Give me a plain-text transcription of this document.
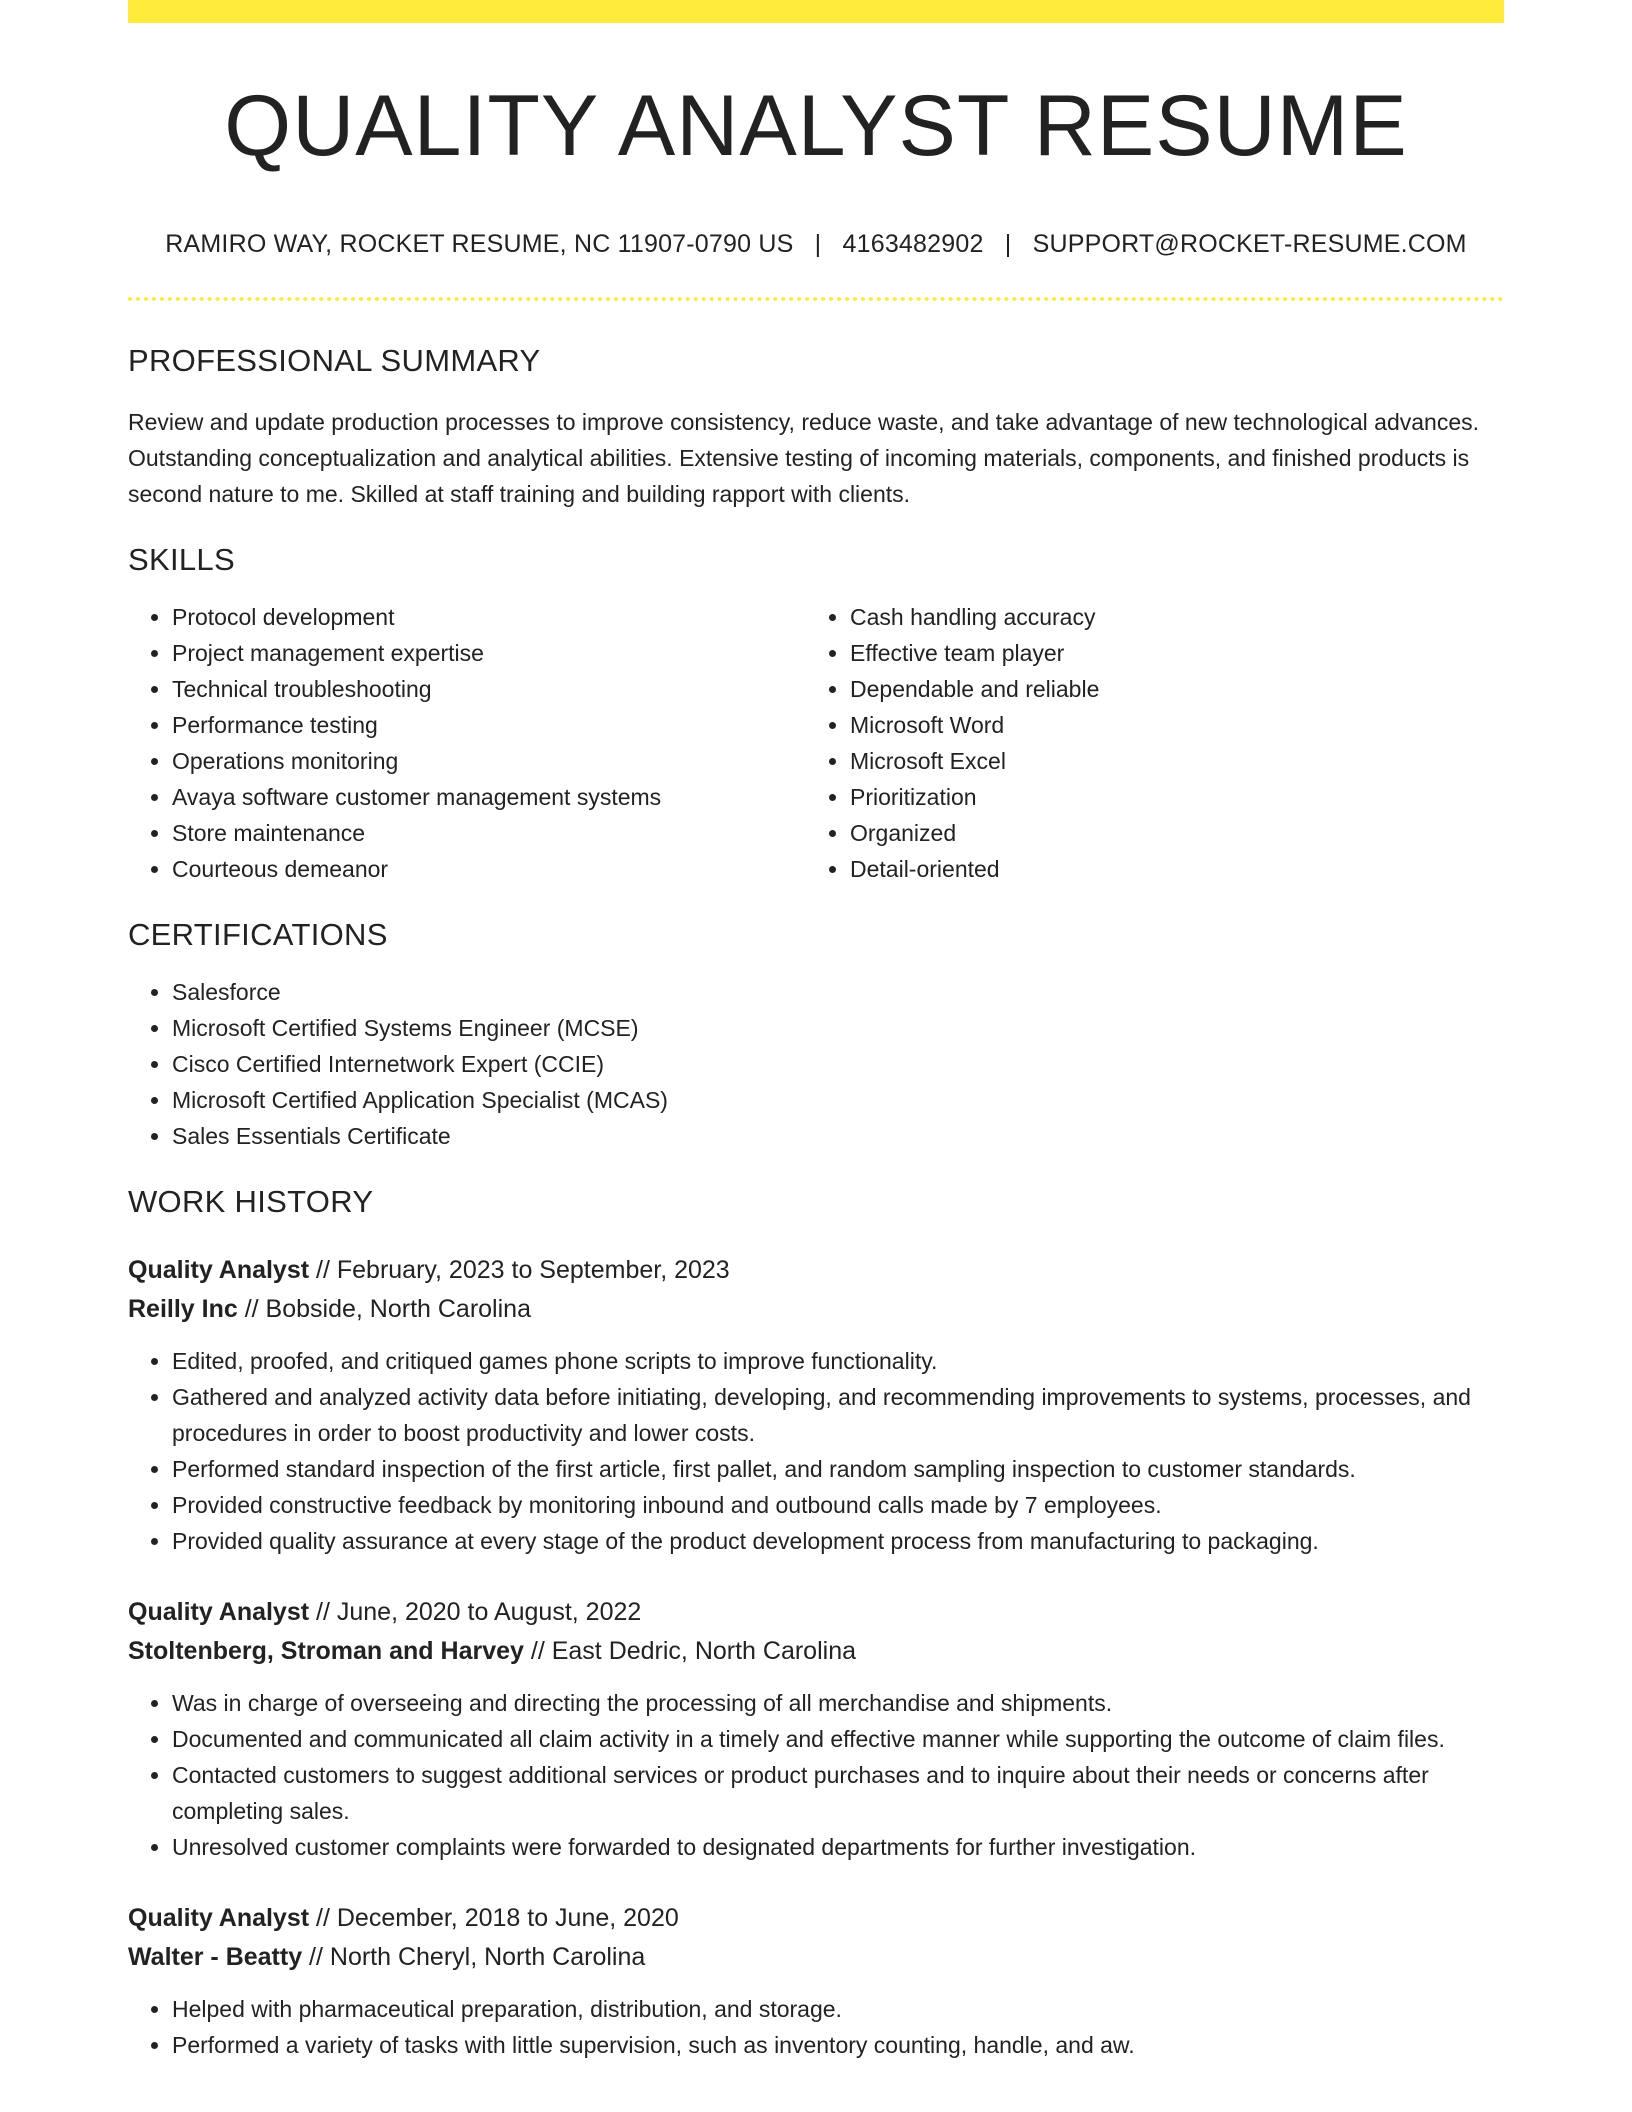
QUALITY ANALYST RESUME
RAMIRO WAY, ROCKET RESUME, NC 11907-0790 US | 4163482902 | SUPPORT@ROCKET-RESUME.COM
PROFESSIONAL SUMMARY
Review and update production processes to improve consistency, reduce waste, and take advantage of new technological advances. Outstanding conceptualization and analytical abilities. Extensive testing of incoming materials, components, and finished products is second nature to me. Skilled at staff training and building rapport with clients.
SKILLS
• Protocol development
• Project management expertise
• Technical troubleshooting
• Performance testing
• Operations monitoring
• Avaya software customer management systems
• Store maintenance
• Courteous demeanor
• Cash handling accuracy
• Effective team player
• Dependable and reliable
• Microsoft Word
• Microsoft Excel
• Prioritization
• Organized
• Detail-oriented
CERTIFICATIONS
• Salesforce
• Microsoft Certified Systems Engineer (MCSE)
• Cisco Certified Internetwork Expert (CCIE)
• Microsoft Certified Application Specialist (MCAS)
• Sales Essentials Certificate
WORK HISTORY
Quality Analyst // February, 2023 to September, 2023
Reilly Inc // Bobside, North Carolina
• Edited, proofed, and critiqued games phone scripts to improve functionality.
• Gathered and analyzed activity data before initiating, developing, and recommending improvements to systems, processes, and procedures in order to boost productivity and lower costs.
• Performed standard inspection of the first article, first pallet, and random sampling inspection to customer standards.
• Provided constructive feedback by monitoring inbound and outbound calls made by 7 employees.
• Provided quality assurance at every stage of the product development process from manufacturing to packaging.
Quality Analyst // June, 2020 to August, 2022
Stoltenberg, Stroman and Harvey // East Dedric, North Carolina
• Was in charge of overseeing and directing the processing of all merchandise and shipments.
• Documented and communicated all claim activity in a timely and effective manner while supporting the outcome of claim files.
• Contacted customers to suggest additional services or product purchases and to inquire about their needs or concerns after completing sales.
• Unresolved customer complaints were forwarded to designated departments for further investigation.
Quality Analyst // December, 2018 to June, 2020
Walter - Beatty // North Cheryl, North Carolina
• Helped with pharmaceutical preparation, distribution, and storage.
• Performed a variety of tasks with little supervision, such as inventory counting, handle, and aw.
